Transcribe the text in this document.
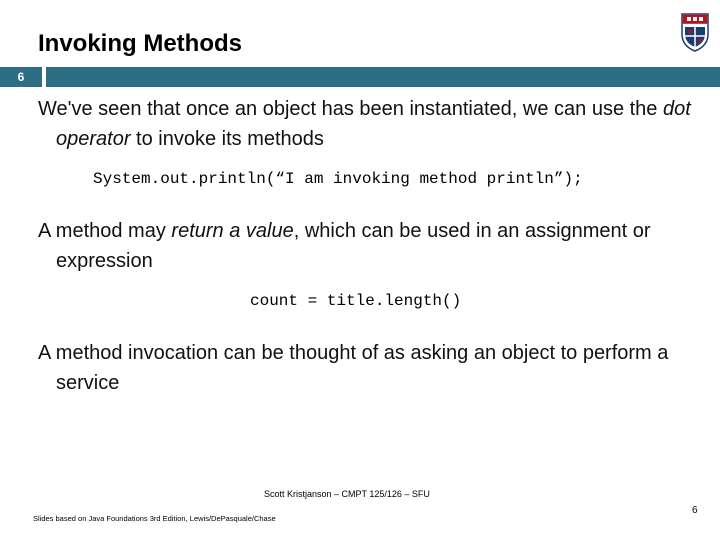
Invoking Methods
6
We've seen that once an object has been instantiated, we can use the dot operator to invoke its methods
System.out.println(“I am invoking method println”);
A method may return a value, which can be used in an assignment or expression
count = title.length()
A method invocation can be thought of as asking an object to perform a service
Scott Kristjanson – CMPT 125/126 – SFU
Slides based on Java Foundations 3rd Edition, Lewis/DePasquale/Chase
6
